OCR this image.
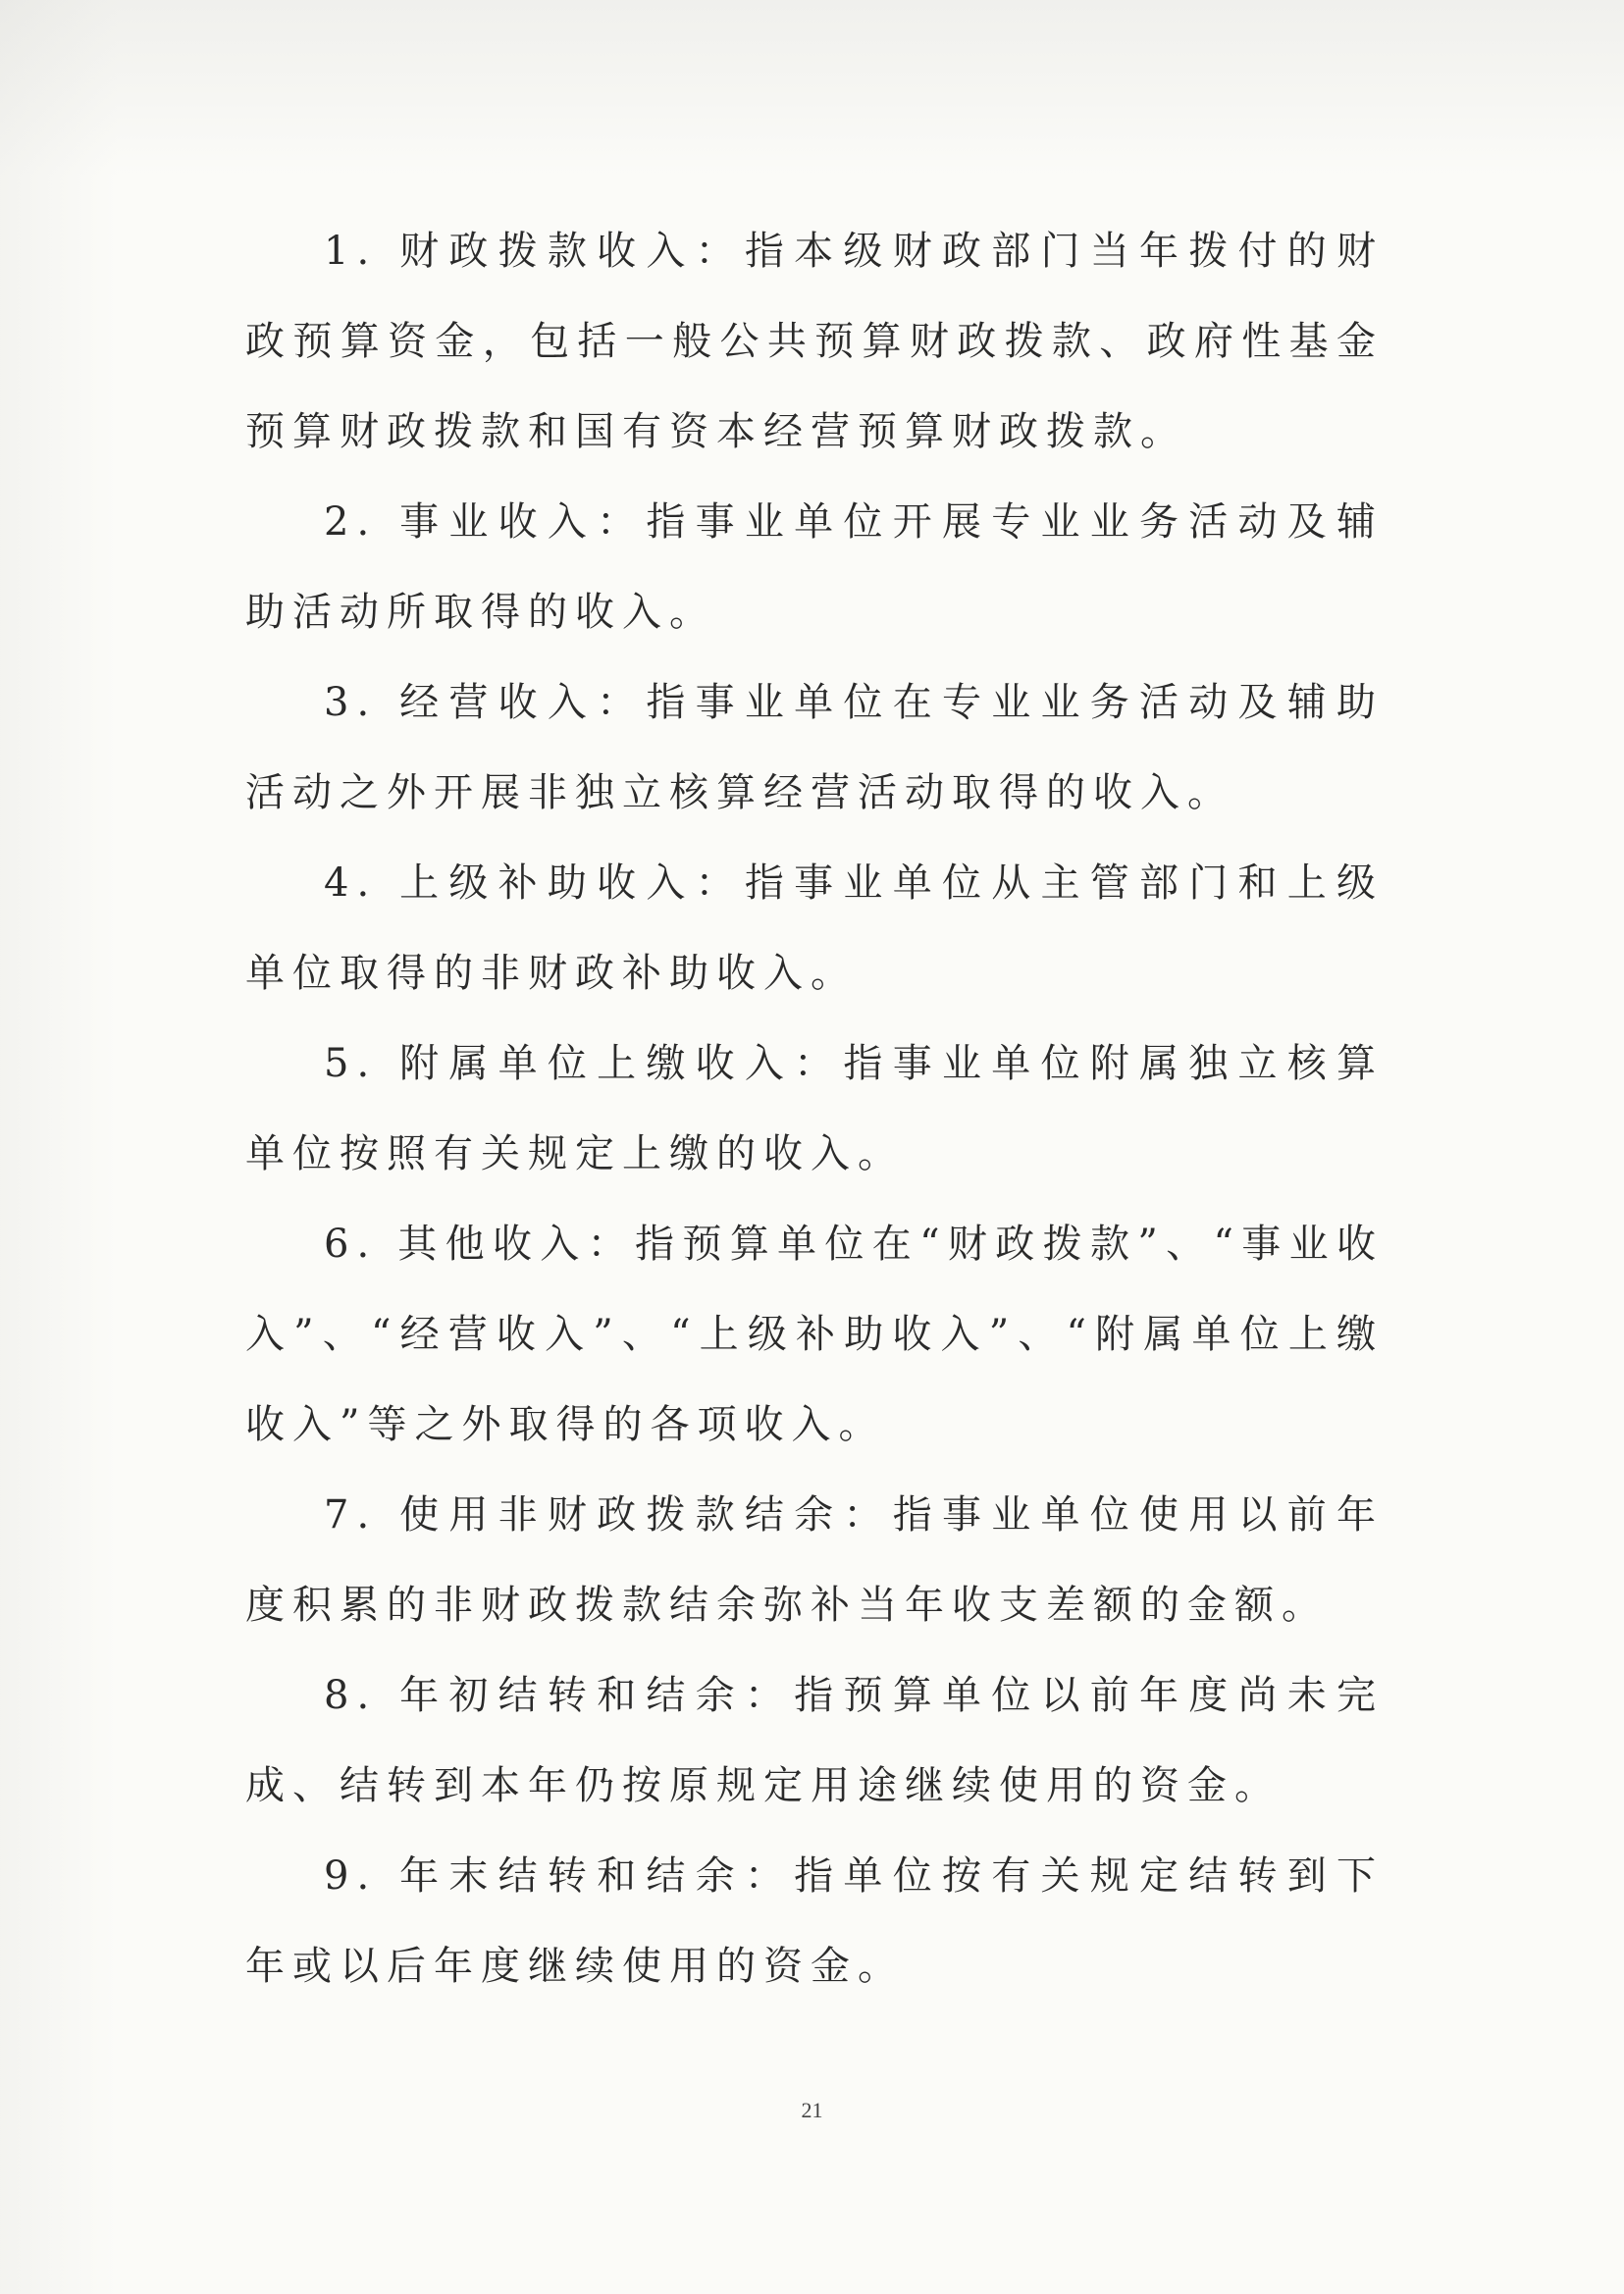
1. 财政拨款收入：指本级财政部门当年拨付的财政预算资金，包括一般公共预算财政拨款、政府性基金预算财政拨款和国有资本经营预算财政拨款。

2. 事业收入：指事业单位开展专业业务活动及辅助活动所取得的收入。

3. 经营收入：指事业单位在专业业务活动及辅助活动之外开展非独立核算经营活动取得的收入。

4. 上级补助收入：指事业单位从主管部门和上级单位取得的非财政补助收入。

5. 附属单位上缴收入：指事业单位附属独立核算单位按照有关规定上缴的收入。

6. 其他收入：指预算单位在“财政拨款”、“事业收入”、“经营收入”、“上级补助收入”、“附属单位上缴收入”等之外取得的各项收入。

7. 使用非财政拨款结余：指事业单位使用以前年度积累的非财政拨款结余弥补当年收支差额的金额。

8. 年初结转和结余：指预算单位以前年度尚未完成、结转到本年仍按原规定用途继续使用的资金。

9. 年末结转和结余：指单位按有关规定结转到下年或以后年度继续使用的资金。

21
